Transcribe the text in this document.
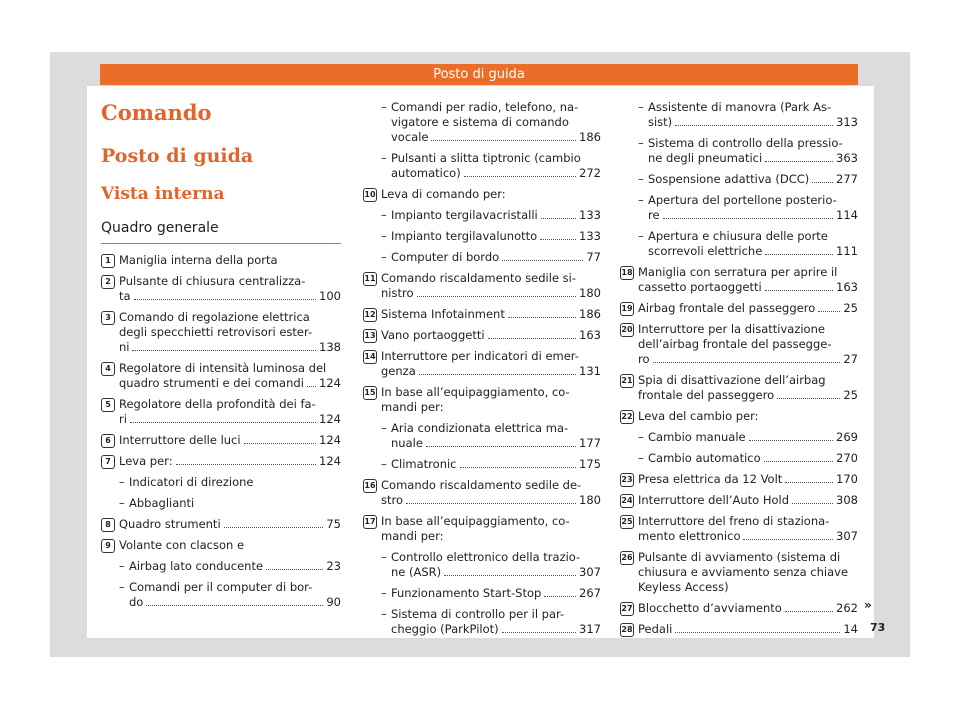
Posto di guida
Comando
Posto di guida
Vista interna
Quadro generale
1 Maniglia interna della porta
2 Pulsante di chiusura centralizza-
ta	100
3 Comando di regolazione elettrica
degli specchietti retrovisori ester-
ni	138
4 Regolatore di intensità luminosa del
quadro strumenti e dei comandi 124
5 Regolatore della profondità dei fa-
ri	124
6 Interruttore delle luci	124
7 Leva per:	124
– Indicatori di direzione
– Abbaglianti
8 Quadro strumenti	75
9 Volante con clacson e
– Airbag lato conducente	23
– Comandi per il computer di bor-
do	90
– Comandi per radio, telefono, na-
vigatore e sistema di comando
vocale	186
– Pulsanti a slitta tiptronic (cambio
automatico)	272
10 Leva di comando per:
– Impianto tergilavacristalli	133
– Impianto tergilavalunotto	133
– Computer di bordo	77
11 Comando riscaldamento sedile si-
nistro	180
12 Sistema Infotainment	186
13 Vano portaoggetti	163
14 Interruttore per indicatori di emer-
genza	131
15 In base all’equipaggiamento, co-
mandi per:
– Aria condizionata elettrica ma-
nuale	177
– Climatronic	175
16 Comando riscaldamento sedile de-
stro	180
17 In base all’equipaggiamento, co-
mandi per:
– Controllo elettronico della trazio-
ne (ASR)	307
– Funzionamento Start-Stop	267
– Sistema di controllo per il par-
cheggio (ParkPilot)	317
– Assistente di manovra (Park As-
sist)	313
– Sistema di controllo della pressio-
ne degli pneumatici	363
– Sospensione adattiva (DCC) 277
– Apertura del portellone posterio-
re	114
– Apertura e chiusura delle porte
scorrevoli elettriche	111
18 Maniglia con serratura per aprire il
cassetto portaoggetti	163
19 Airbag frontale del passeggero 25
20 Interruttore per la disattivazione
dell’airbag frontale del passegge-
ro	27
21 Spia di disattivazione dell’airbag
frontale del passeggero	25
22 Leva del cambio per:
– Cambio manuale	269
– Cambio automatico	270
23 Presa elettrica da 12 Volt	170
24 Interruttore dell’Auto Hold	308
25 Interruttore del freno di staziona-
mento elettronico	307
26 Pulsante di avviamento (sistema di
chiusura e avviamento senza chiave
Keyless Access)
27 Blocchetto d’avviamento	262
28 Pedali	14
»
73
